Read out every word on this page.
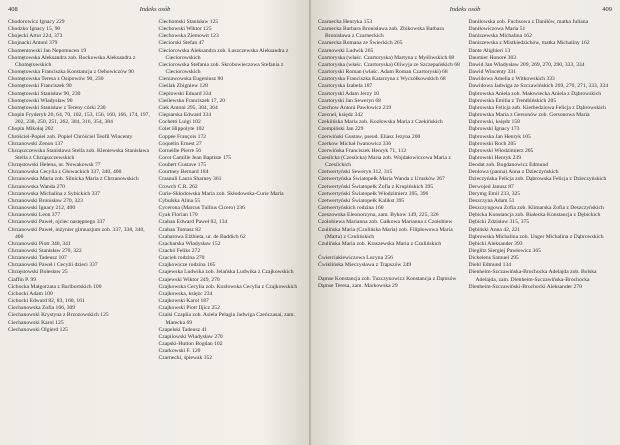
408	Indeks osób
Chodorowicz Ignacy 229
Chodzko Ignacy 15, 90
Chojecki Artur 224, 373
Chojnacki Antoni 379
Chomentowski Jan Nepomucen 19
Chomętowska Aleksandra zob. Bockowska Aleksandra z Chomętowskich
Chomętowska Franciszka Konstancja z Oebowiczów 90
Chomętowska Teresa z Osipowów 90, 230
Chomętowski Franciszek 90
Chomętowski Stanisław 90, 230
Chomętowski Władysław 90
Chomętowski Stanisław z Tereny córki 230
Chopin Fryderyk 20, 64, 70, 102, 153, 156, 160, 166, 174, 197, 202, 238, 250, 251, 262, 304, 316, 354, 384
Chopin Mikołaj 202
Chróściel-Popiel zob. Popiel Chróściel Teofil Wincenty
Chrzanowski Zenon 137
Chrząszczewska Stanisława Stella zob. Kleniewska Stanisława Stella z Chrząszczewskich
Chrzęstowski Helena, ur. Nowakowsk 77
Chrzanowska Cecylia z Głowackich 337, 340, 400
Chrzanowska Maria zob. Silnicka Maria z Chrzanowskich
Chrzanowska Wanda 270
Chrzanowska Michalina z Sybickich 337
Chrzanowski Bronisław 270, 323
Chrzanowski Ignacy 212, 400
Chrzanowski Leon 377
Chrzanowski Paweł, ojciec następnego 337
Chrzanowski Paweł, inżynier gimnazjum zob. 337, 338, 340, 400
Chrzanowski Piotr 340, 341
Chrzanowski Stanisław 270, 322
Chrzanowski Tadeusz 107
Chrzanowski Paweł i Cecylii dzieci 337
Chrzęstowski Bolesław 25
Ciaffin P. 99
Cichocka Małgorzata z Baribortskich 100
Cichocki Adam 100
Cichocki Edward 82, 83, 160, 161
Ciechanowska Zofia 166, 309
Ciechanowski Krystyna z Brzozowskich 125
Ciechanowski Karol 125
Ciechanowski Olgierd 125
Ciechomski Stanisław 125
Ciechowski Wiktor 125
Ciechowska Ziemowit 123
Cieciorski Stefan 47
Cieciorowska Aleksandra zob. Łuszczewska Aleksandra z Cieciorowskich
Cieciorowska Stefania zob. Skrobowieczowa Stefania z Cieciorowskich
Cieniawowska Eugeniusz 80
Cieślak Zbigniew 128
Cieplowski Eduard 334
Cieślewska Franciszek 17, 20
Ciek Antoni 295, 304, 364
Ciepiarska Edward 334
Cochetti Luigi 102
Colet Hippolyte 102
Coppée François 172
Coquelin Ernest 27
Corneille Pierre 56
Corot Camille Jean Baptiste 175
Coubert Gustave 175
Courtney Bernard 184
Crasnuli Laura Sharney 361
Crowch C.R. 262
Curie-Skłodowska Maria zob. Skłodowska-Curie Maria
Cybulska Alina 55
Cycerona (Marcus Tullius Cicero) 236
Cyak Florian 170
Czaban Edward Paweł 82, 134
Czaban Tomasz 82
Czaharowa Elżbieta, ur. de Baddich 62
Czacharska Władysław 152
Czachó Feliks 272
Czacieh rodzina 270
Czajkowicze rodzina 165
Czajewska Ludwika zob. Jelańska Ludwika z Czajkowskich
Czajewski Wiktor 249, 270
Czajkowska Cecylia zob. Kozłowska Cecylia z Czajkowskich
Czajkowska, księżc 234
Czajkowski Karol 187
Czajkowski Piotr Iljicz 252
Czalsi Czaplia zob. Asiela Pelagia Jadwiga Czeńczasai, zam. Marecka 69
Czapelski Tadeusz 41
Czapilowski Władysław 270
Czapski-Hutton Bogdan 102
Czarkowski F. 120
Czarnecki, śpiewak 352
Indeks osób	409
Czarnecka Henryka 153
Czarnecka Barbara Bronisława zob. Zbikowska Barbara Bronisława z Czarneckich
Czarnecka Romana ze Świeckich 265
Czarnowski Ludwik 265
Czartoryska (właśc. Czartoryska) Martyna z Myśliwskich 68
Czartoryska (właśc. Czartoryska) Oliwyja ze Szczepańskich 68
Czartoryski Roman (właśc. Adam Roman Czartoryski) 68
Czartoryska Franciszka Katarzyna z Wyczółkowskich 68
Czartoryska Izabela 187
Czartoryski Adam Jerzy 10
Czartoryski Jan Seweryn 68
Czechow Antoni Pawłowicz 219
Czecnel, księdz 342
Czekiińska Maria zob. Kozłowska Maria z Czekińskich
Czempiński Jan 229
Czerwiński Gustaw, pseud. Eliasz Jezyna 200
Czerkow Michał Iwanowicz 336
Czerwińska Franciszek Henryk 71, 112
Czesilcka (Czesilcka) Maria zob. Wojdałowiczowa Maria z Czesilckich
Czetwertyński Seweryn 312, 315
Czetwertyńska Światopełk Maria Wanda z Urusków 267
Czetwertyński Światopełk Zofia z Krupińskich 395
Czetwertyński Światopełk Włodzimierz 395, 396
Czetwertyński Światopełk Kalikst 395
Czetwertyńskich rodzina 160
Czeszowska Eleonorzyna, zam. Bykow 149, 225, 326
Czołobiewa Marianna zob. Gałkowa Marianna z Czołobiew
Czulińska Maria (Czulińska Maria) zob. Filipłowowa Maria (Marta) z Czulińskich
Czulińska Maria zob. Kraszewska Maria z Czulińskich
Ćwierciakiewiczowa Lucyna 256
Ćwiklińska Mieczysława z Trapszów 249
Dąmse Konstancja zob. Tuzczynowicz Konstancja z Dąmsów
Dąmse Teresa, zam. Markowska 29
Daniłowska zob. Fuchsowa z Daniłów, matka Juliana
Daniłowiczowa Maria 51
Daniszewska Michalina 162
Daniszewska z Mistkiedzichów, matka Michaliny 162
Dante Alighieri 13
Daumier Honoré 303
Dawid Jan Władysław 209, 269, 270, 290, 333, 334
Dawid Wincenty 331
Dawidowa Amelia z Witkowskich 333
Dawidowa Jadwiga ze Szczawińskich 269, 270, 271, 333, 334
Dąbrowska Aniela zob. Małowiecka Aniela z Dąbrowskich
Dąbrowska Emilia z Trembińskich 205
Dąbrowska Felicja zob. Kierbedziowa Felicja z Dąbrowskich
Dąbrowska Maria z Gersonów zob. Gersonowa Maria
Dąbrowski, księdz 158
Dąbrowski Ignacy 173
Dąbrowska Jan Henryk 105
Dąbrowski Roch 205
Dąbrowski Włodzimierz 205
Dąbrowski Henryk 239
Deodat zob. Bogdanowicz Edmund
Denlowa (panna) Anna z Dzieczyńskich
Dzieczyńska Felicja zob. Dąbrowska Felicja z Dzieczyńskich
Derwojed Janusz 87
Derymg Emil 233, 325
Deszczyna Adam 51
Deszczyngowa Zofia zob. Klimarska Zofia z Deszczyńskich
Dębicka Konstancja zob. Bialecka Konstancja z Dębickich
Dębicki Zdzisław 315, 375
Dębiński Anna 42, 221
Dąbrowska Michalina zob. Unger Michalina z Dąbrowskich
Dębicki Aleksander 393
Dieglitz Siergiej Pawłowicz 365
Dickelens Samuel 295
Diehl Edmund 134
Dienheim-Szczawińska-Brochocka Adelajda zob. Bolska Adelajda, zam. Dienheim-Szczawińska-Brochocka
Dienheim-Szczawiński-Brochocki Aleksander 270
